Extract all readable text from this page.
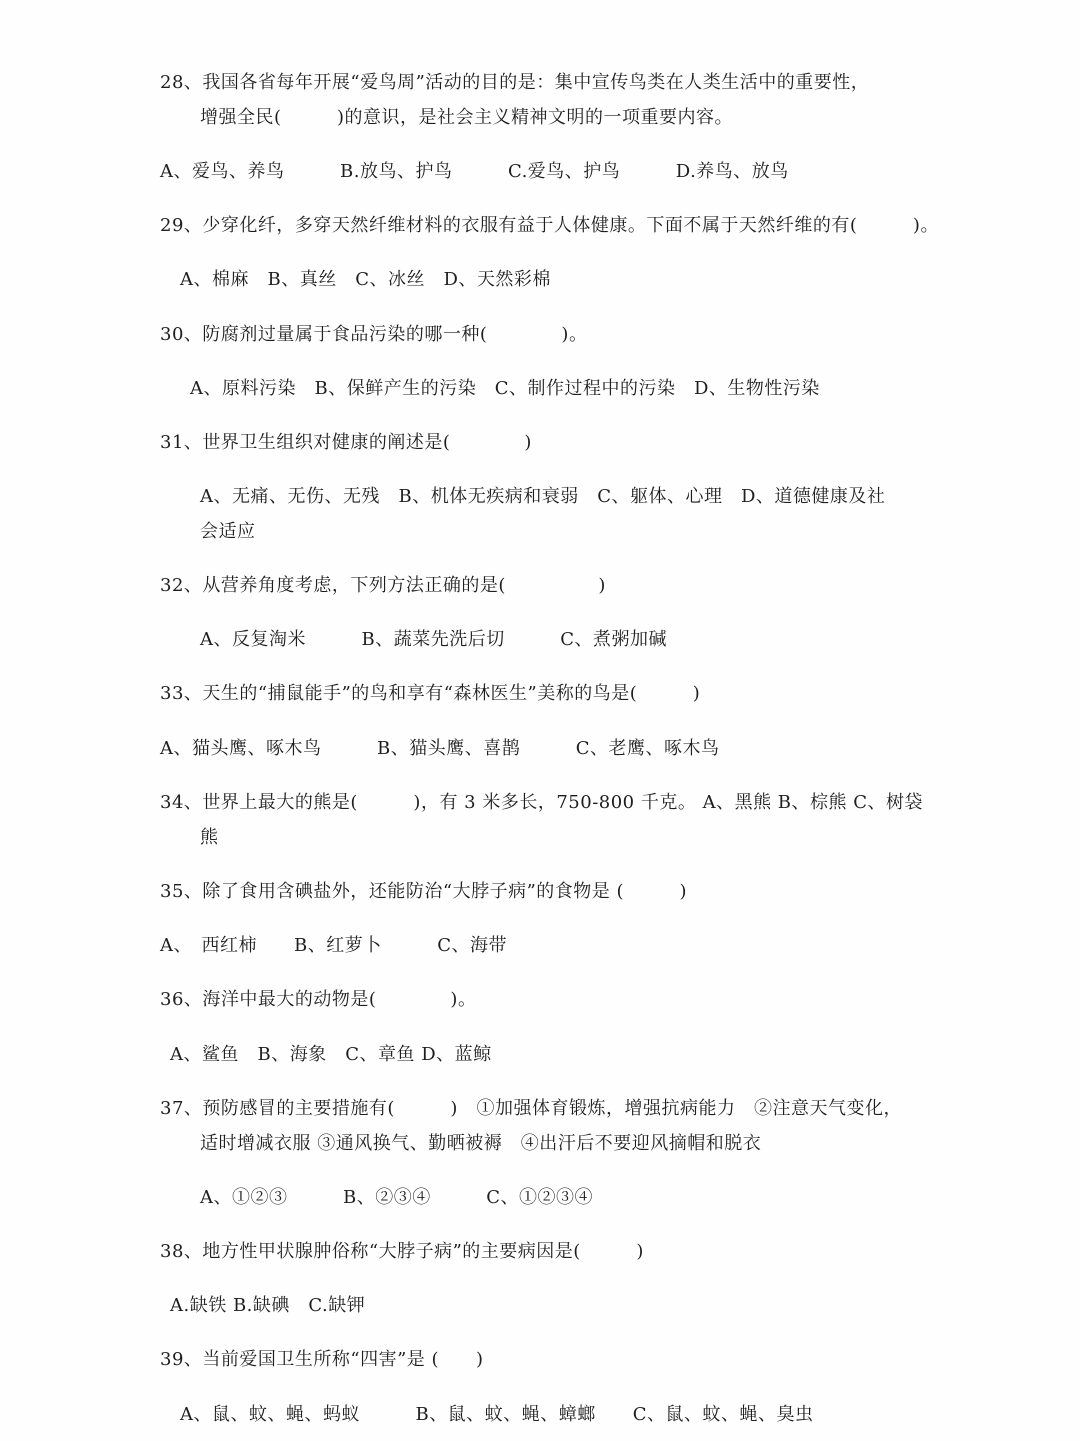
28、我国各省每年开展“爱鸟周”活动的目的是：集中宣传鸟类在人类生活中的重要性，
增强全民(　　　)的意识，是社会主义精神文明的一项重要内容。
A、爱鸟、养鸟　　　B.放鸟、护鸟　　　C.爱鸟、护鸟　　　D.养鸟、放鸟
29、少穿化纤，多穿天然纤维材料的衣服有益于人体健康。下面不属于天然纤维的有(　　　)。
A、棉麻　B、真丝　C、冰丝　D、天然彩棉
30、防腐剂过量属于食品污染的哪一种(　　　　)。
A、原料污染　B、保鲜产生的污染　C、制作过程中的污染　D、生物性污染
31、世界卫生组织对健康的阐述是(　　　　)
A、无痛、无伤、无残　B、机体无疾病和衰弱　C、躯体、心理　D、道德健康及社
会适应
32、从营养角度考虑，下列方法正确的是(　　　　　)
A、反复淘米　　　B、蔬菜先洗后切　　　C、煮粥加碱
33、天生的“捕鼠能手”的鸟和享有“森林医生”美称的鸟是(　　　)
A、猫头鹰、啄木鸟　　　B、猫头鹰、喜鹊　　　C、老鹰、啄木鸟
34、世界上最大的熊是(　　　)，有 3 米多长，750-800 千克。 A、黑熊 B、棕熊 C、树袋
熊
35、除了食用含碘盐外，还能防治“大脖子病”的食物是 (　　　)
A、　西红柿　　B、红萝卜　　　C、海带
36、海洋中最大的动物是(　　　　)。
A、鲨鱼　B、海象　C、章鱼 D、蓝鲸
37、预防感冒的主要措施有(　　　)　①加强体育锻炼，增强抗病能力　②注意天气变化，
适时增减衣服 ③通风换气、勤晒被褥　④出汗后不要迎风摘帽和脱衣
A、①②③　　　B、②③④　　　C、①②③④
38、地方性甲状腺肿俗称“大脖子病”的主要病因是(　　　)
A.缺铁 B.缺碘　C.缺钾
39、当前爱国卫生所称“四害”是 (　　)
A、鼠、蚊、蝇、蚂蚁　　　B、鼠、蚊、蝇、蟑螂　　C、鼠、蚊、蝇、臭虫
